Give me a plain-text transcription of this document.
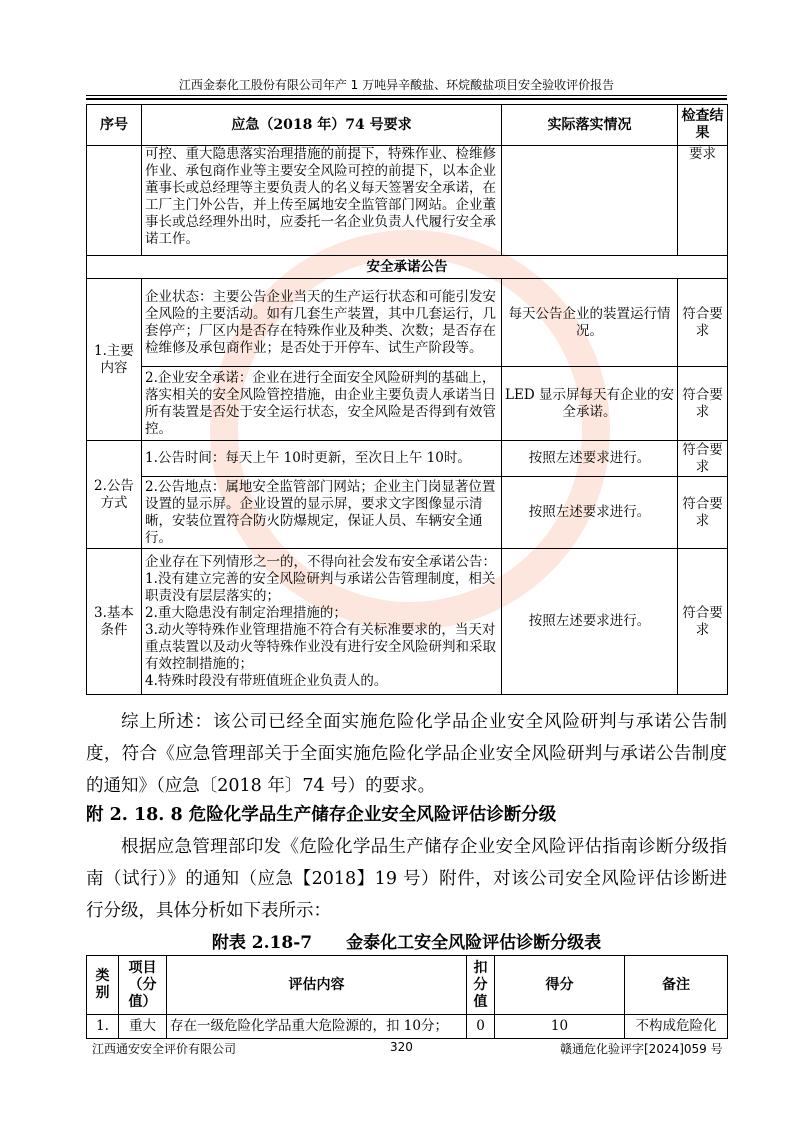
江西金泰化工股份有限公司年产 1 万吨异辛酸盐、环烷酸盐项目安全验收评价报告
序号	应急（2018 年）74 号要求	实际落实情况	检查结果
	可控、重大隐患落实治理措施的前提下，特殊作业、检维修作业、承包商作业等主要安全风险可控的前提下，以本企业董事长或总经理等主要负责人的名义每天签署安全承诺，在工厂主门外公告，并上传至属地安全监管部门网站。企业董事长或总经理外出时，应委托一名企业负责人代履行安全承诺工作。		要求
安全承诺公告			
1.主要内容	企业状态：主要公告企业当天的生产运行状态和可能引发安全风险的主要活动。如有几套生产装置，其中几套运行，几套停产；厂区内是否存在特殊作业及种类、次数；是否存在检维修及承包商作业；是否处于开停车、试生产阶段等。	每天公告企业的装置运行情况。	符合要求
	2.企业安全承诺：企业在进行全面安全风险研判的基础上，落实相关的安全风险管控措施，由企业主要负责人承诺当日所有装置是否处于安全运行状态，安全风险是否得到有效管控。	LED 显示屏每天有企业的安全承诺。	符合要求
2.公告方式	1.公告时间：每天上午 10时更新，至次日上午 10时。	按照左述要求进行。	符合要求
	2.公告地点：属地安全监管部门网站；企业主门岗显著位置设置的显示屏。企业设置的显示屏，要求文字图像显示清晰，安装位置符合防火防爆规定，保证人员、车辆安全通行。	按照左述要求进行。	符合要求
3.基本条件	企业存在下列情形之一的，不得向社会发布安全承诺公告：
1.没有建立完善的安全风险研判与承诺公告管理制度，相关职责没有层层落实的；
2.重大隐患没有制定治理措施的；
3.动火等特殊作业管理措施不符合有关标准要求的，当天对重点装置以及动火等特殊作业没有进行安全风险研判和采取有效控制措施的；
4.特殊时段没有带班值班企业负责人的。	按照左述要求进行。	符合要求
综上所述：该公司已经全面实施危险化学品企业安全风险研判与承诺公告制度，符合《应急管理部关于全面实施危险化学品企业安全风险研判与承诺公告制度的通知》（应急〔2018 年〕74 号）的要求。
附 2. 18. 8 危险化学品生产储存企业安全风险评估诊断分级
根据应急管理部印发《危险化学品生产储存企业安全风险评估指南诊断分级指南（试行）》的通知（应急【2018】19 号）附件，对该公司安全风险评估诊断进行分级，具体分析如下表所示：
附表 2.18-7　　金泰化工安全风险评估诊断分级表
类别	项目（分值）	评估内容	扣分值	得分	备注
1.	重大	存在一级危险化学品重大危险源的，扣 10分；	0	10	不构成危险化
江西通安安全评价有限公司	320	赣通危化验评字[2024]059 号
